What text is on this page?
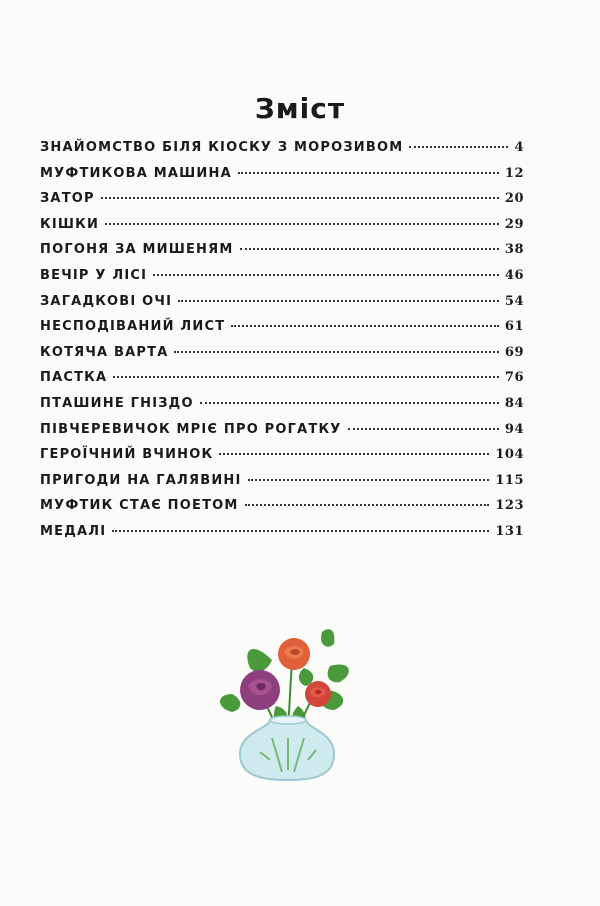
Зміст
ЗНАЙОМСТВО БІЛЯ КІОСКУ З МОРОЗИВОМ	4
МУФТИКОВА МАШИНА	12
ЗАТОР	20
КІШКИ	29
ПОГОНЯ ЗА МИШЕНЯМ	38
ВЕЧІР У ЛІСІ	46
ЗАГАДКОВІ ОЧІ	54
НЕСПОДІВАНИЙ ЛИСТ	61
КОТЯЧА ВАРТА	69
ПАСТКА	76
ПТАШИНЕ ГНІЗДО	84
ПІВЧЕРЕВИЧОК МРІЄ ПРО РОГАТКУ	94
ГЕРОЇЧНИЙ ВЧИНОК	104
ПРИГОДИ НА ГАЛЯВИНІ	115
МУФТИК СТАЄ ПОЕТОМ	123
МЕДАЛІ	131
